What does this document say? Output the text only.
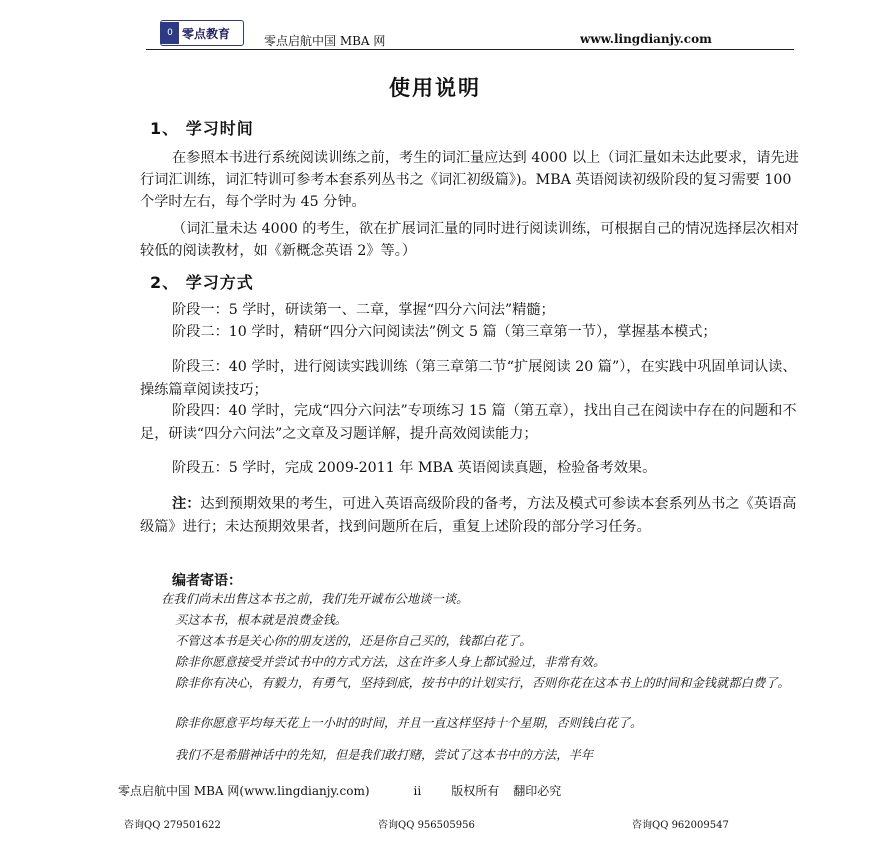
0 零点教育
零点启航中国 MBA 网	www.lingdianjy.com
使用说明
1、 学习时间

在参照本书进行系统阅读训练之前，考生的词汇量应达到 4000 以上（词汇量如未达此要求，请先进行词汇训练，词汇特训可参考本套系列丛书之《词汇初级篇》)。MBA 英语阅读初级阶段的复习需要 100 个学时左右，每个学时为 45 分钟。

（词汇量未达 4000 的考生，欲在扩展词汇量的同时进行阅读训练，可根据自己的情况选择层次相对较低的阅读教材，如《新概念英语 2》等。）

2、 学习方式

阶段一：5 学时，研读第一、二章，掌握“四分六问法”精髓；

阶段二：10 学时，精研“四分六问阅读法”例文 5 篇（第三章第一节），掌握基本模式；

阶段三：40 学时，进行阅读实践训练（第三章第二节“扩展阅读 20 篇”），在实践中巩固单词认读、操练篇章阅读技巧；

阶段四：40 学时，完成“四分六问法”专项练习 15 篇（第五章），找出自己在阅读中存在的问题和不足，研读“四分六问法”之文章及习题详解，提升高效阅读能力；

阶段五：5 学时，完成 2009-2011 年 MBA 英语阅读真题，检验备考效果。

注：达到预期效果的考生，可进入英语高级阶段的备考，方法及模式可参读本套系列丛书之《英语高级篇》进行；未达预期效果者，找到问题所在后，重复上述阶段的部分学习任务。

编者寄语：

在我们尚未出售这本书之前，我们先开诚布公地谈一谈。

买这本书，根本就是浪费金钱。

不管这本书是关心你的朋友送的，还是你自己买的，钱都白花了。

除非你愿意接受并尝试书中的方式方法，这在许多人身上都试验过，非常有效。

除非你有决心，有毅力，有勇气，坚持到底，按书中的计划实行，否则你花在这本书上的时间和金钱就都白费了。

除非你愿意平均每天花上一小时的时间，并且一直这样坚持十个星期，否则钱白花了。

我们不是希腊神话中的先知，但是我们敢打赌，尝试了这本书中的方法，半年

零点启航中国 MBA 网(www.lingdianjy.com)	ii	版权所有 翻印必究
咨询QQ 279501622	咨询QQ 956505956	咨询QQ 962009547
